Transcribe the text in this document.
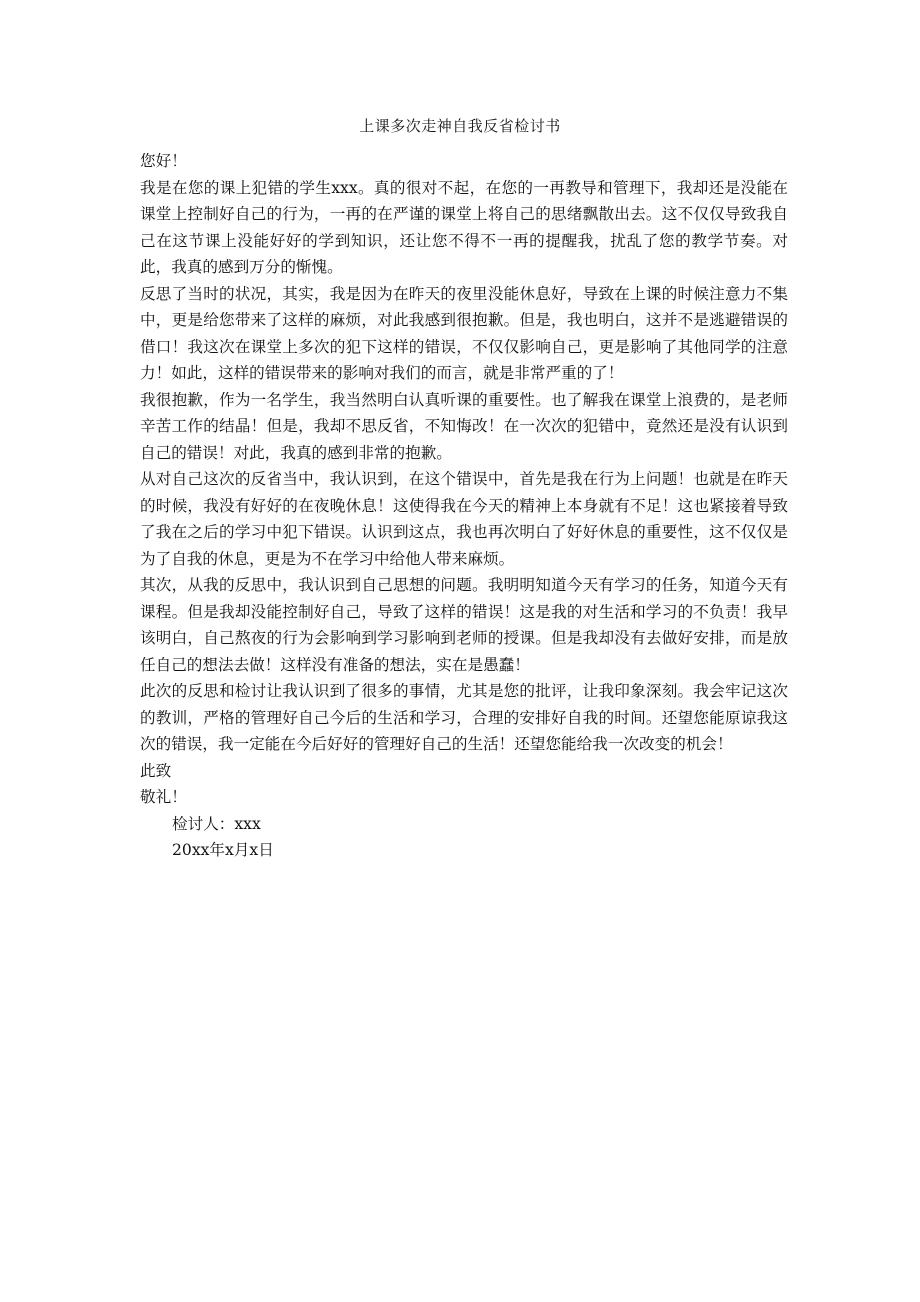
上课多次走神自我反省检讨书

您好！

我是在您的课上犯错的学生xxx。真的很对不起，在您的一再教导和管理下，我却还是没能在课堂上控制好自己的行为，一再的在严谨的课堂上将自己的思绪飘散出去。这不仅仅导致我自己在这节课上没能好好的学到知识，还让您不得不一再的提醒我，扰乱了您的教学节奏。对此，我真的感到万分的惭愧。

反思了当时的状况，其实，我是因为在昨天的夜里没能休息好，导致在上课的时候注意力不集中，更是给您带来了这样的麻烦，对此我感到很抱歉。但是，我也明白，这并不是逃避错误的借口！我这次在课堂上多次的犯下这样的错误，不仅仅影响自己，更是影响了其他同学的注意力！如此，这样的错误带来的影响对我们的而言，就是非常严重的了！

我很抱歉，作为一名学生，我当然明白认真听课的重要性。也了解我在课堂上浪费的，是老师辛苦工作的结晶！但是，我却不思反省，不知悔改！在一次次的犯错中，竟然还是没有认识到自己的错误！对此，我真的感到非常的抱歉。

从对自己这次的反省当中，我认识到，在这个错误中，首先是我在行为上问题！也就是在昨天的时候，我没有好好的在夜晚休息！这使得我在今天的精神上本身就有不足！这也紧接着导致了我在之后的学习中犯下错误。认识到这点，我也再次明白了好好休息的重要性，这不仅仅是为了自我的休息，更是为不在学习中给他人带来麻烦。

其次，从我的反思中，我认识到自己思想的问题。我明明知道今天有学习的任务，知道今天有课程。但是我却没能控制好自己，导致了这样的错误！这是我的对生活和学习的不负责！我早该明白，自己熬夜的行为会影响到学习影响到老师的授课。但是我却没有去做好安排，而是放任自己的想法去做！这样没有准备的想法，实在是愚蠢！

此次的反思和检讨让我认识到了很多的事情，尤其是您的批评，让我印象深刻。我会牢记这次的教训，严格的管理好自己今后的生活和学习，合理的安排好自我的时间。还望您能原谅我这次的错误，我一定能在今后好好的管理好自己的生活！还望您能给我一次改变的机会！

此致

敬礼！

检讨人：xxx

20xx年x月x日
